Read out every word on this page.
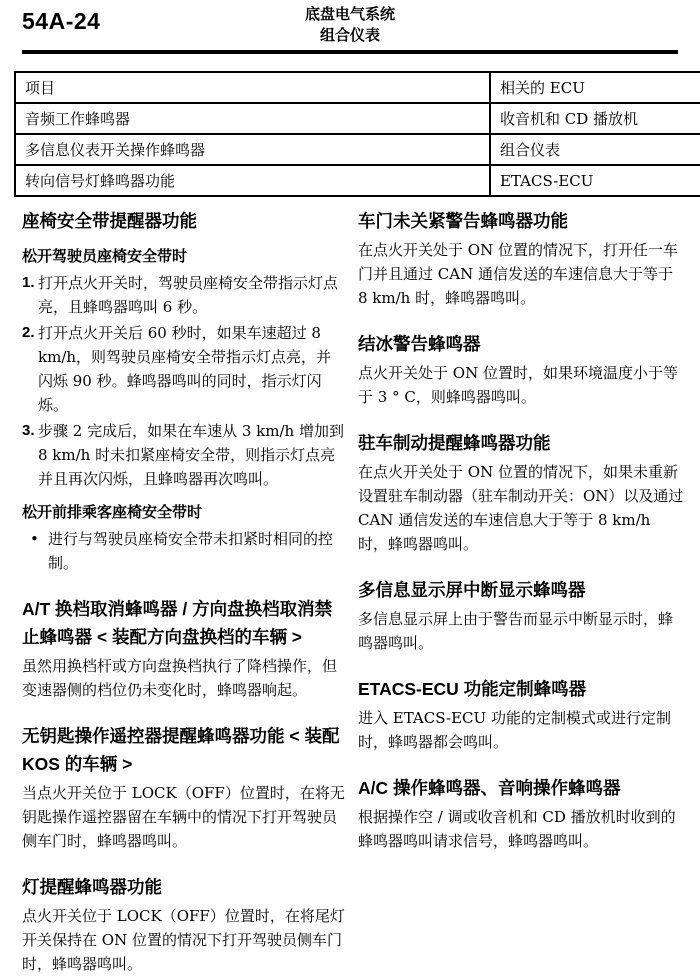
54A-24	底盘电气系统
组合仪表
项目	相关的 ECU
音频工作蜂鸣器	收音机和 CD 播放机
多信息仪表开关操作蜂鸣器	组合仪表
转向信号灯蜂鸣器功能	ETACS-ECU
座椅安全带提醒器功能
松开驾驶员座椅安全带时
1. 打开点火开关时，驾驶员座椅安全带指示灯点亮，且蜂鸣器鸣叫 6 秒。
2. 打开点火开关后 60 秒时，如果车速超过 8 km/h，则驾驶员座椅安全带指示灯点亮，并闪烁 90 秒。蜂鸣器鸣叫的同时，指示灯闪烁。
3. 步骤 2 完成后，如果在车速从 3 km/h 增加到 8 km/h 时未扣紧座椅安全带，则指示灯点亮并且再次闪烁，且蜂鸣器再次鸣叫。
松开前排乘客座椅安全带时
• 进行与驾驶员座椅安全带未扣紧时相同的控制。
A/T 换档取消蜂鸣器 / 方向盘换档取消禁止蜂鸣器 < 装配方向盘换档的车辆 >

虽然用换档杆或方向盘换档执行了降档操作，但变速器侧的档位仍未变化时，蜂鸣器响起。

无钥匙操作遥控器提醒蜂鸣器功能 < 装配 KOS 的车辆 >

当点火开关位于 LOCK（OFF）位置时，在将无钥匙操作遥控器留在车辆中的情况下打开驾驶员侧车门时，蜂鸣器鸣叫。

灯提醒蜂鸣器功能

点火开关位于 LOCK（OFF）位置时，在将尾灯开关保持在 ON 位置的情况下打开驾驶员侧车门时，蜂鸣器鸣叫。

车门未关紧警告蜂鸣器功能

在点火开关处于 ON 位置的情况下，打开任一车门并且通过 CAN 通信发送的车速信息大于等于 8 km/h 时，蜂鸣器鸣叫。

结冰警告蜂鸣器

点火开关处于 ON 位置时，如果环境温度小于等于 3 ° C，则蜂鸣器鸣叫。

驻车制动提醒蜂鸣器功能

在点火开关处于 ON 位置的情况下，如果未重新设置驻车制动器（驻车制动开关：ON）以及通过 CAN 通信发送的车速信息大于等于 8 km/h 时，蜂鸣器鸣叫。

多信息显示屏中断显示蜂鸣器

多信息显示屏上由于警告而显示中断显示时，蜂鸣器鸣叫。

ETACS-ECU 功能定制蜂鸣器

进入 ETACS-ECU 功能的定制模式或进行定制时，蜂鸣器都会鸣叫。

A/C 操作蜂鸣器、音响操作蜂鸣器

根据操作空 / 调或收音机和 CD 播放机时收到的蜂鸣器鸣叫请求信号，蜂鸣器鸣叫。
